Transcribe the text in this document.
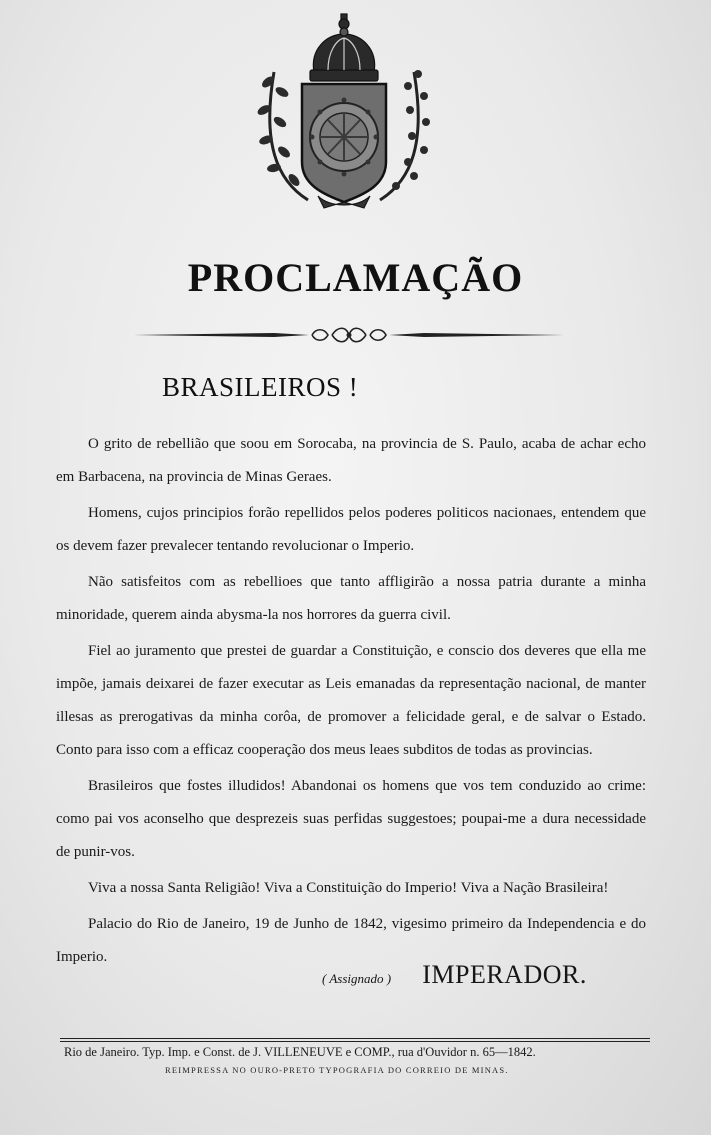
PROCLAMAÇÃO
BRASILEIROS !

O grito de rebellião que soou em Sorocaba, na provincia de S. Paulo, acaba de achar echo em Barbacena, na provincia de Minas Geraes.

Homens, cujos principios forão repellidos pelos poderes politicos nacionaes, entendem que os devem fazer prevalecer tentando revolucionar o Imperio.

Não satisfeitos com as rebellioes que tanto affligirão a nossa patria durante a minha minoridade, querem ainda abysma-la nos horrores da guerra civil.

Fiel ao juramento que prestei de guardar a Constituição, e conscio dos deveres que ella me impõe, jamais deixarei de fazer executar as Leis emanadas da representação nacional, de manter illesas as prerogativas da minha corôa, de promover a felicidade geral, e de salvar o Estado. Conto para isso com a efficaz cooperação dos meus leaes subditos de todas as provincias.

Brasileiros que fostes illudidos! Abandonai os homens que vos tem conduzido ao crime: como pai vos aconselho que desprezeis suas perfidas suggestoes; poupai-me a dura necessidade de punir-vos.

Viva a nossa Santa Religião! Viva a Constituição do Imperio! Viva a Nação Brasileira!

Palacio do Rio de Janeiro, 19 de Junho de 1842, vigesimo primeiro da Independencia e do Imperio.

( Assignado ) IMPERADOR.
Rio de Janeiro. Typ. Imp. e Const. de J. VILLENEUVE e COMP., rua d'Ouvidor n. 65—1842.
REIMPRESSA NO OURO-PRETO TYPOGRAFIA DO CORREIO DE MINAS.
